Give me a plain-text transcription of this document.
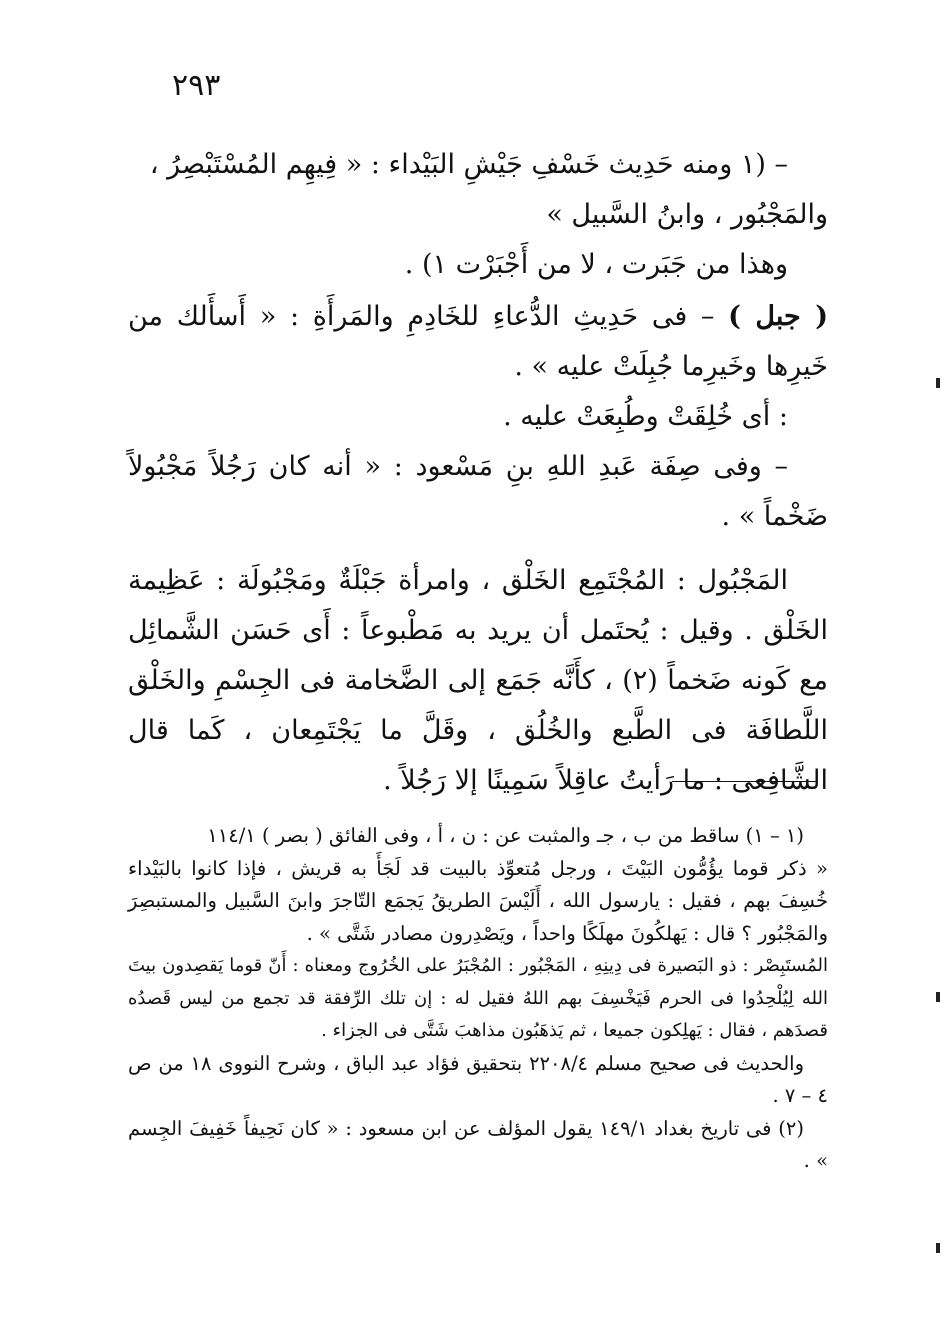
٢٩٣

– (١ ومنه حَدِيث خَسْفِ جَيْشِ البَيْداء : « فِيهِم المُسْتَبْصِرُ ،

والمَجْبُور ، وابنُ السَّبيل »

وهذا من جَبَرت ، لا من أَجْبَرْت ١) .

( جبل ) – فى حَدِيثِ الدُّعاءِ للخَادِمِ والمَرأَةِ : « أَسأَلك من خَيرِها وخَيرِما جُبِلَتْ عليه » .

: أى خُلِقَتْ وطُبِعَتْ عليه .

– وفى صِفَة عَبدِ اللهِ بنِ مَسْعود : « أنه كان رَجُلاً مَجْبُولاً ضَخْماً » .

المَجْبُول : المُجْتَمِع الخَلْق ، وامرأة جَبْلَةٌ ومَجْبُولَة : عَظِيمة الخَلْق . وقيل : يُحتَمل أن يريد به مَطْبوعاً : أَى حَسَن الشَّمائِل مع كَونه ضَخماً (٢) ، كأَنَّه جَمَع إلى الضَّخامة فى الجِسْمِ والخَلْق اللَّطافَة فى الطَّبع والخُلُق ، وقَلَّ ما يَجْتَمِعان ، كَما قال الشَّافِعى : ما رَأيتُ عاقِلاً سَمِينًا إلا رَجُلاً .

(١ – ١) ساقط من ب ، جـ والمثبت عن : ن ، أ ، وفى الفائق ( بصر ) ١١٤/١

« ذكر قوما يؤُمُّون البَيْتَ ، ورجل مُتعوِّذ بالبيت قد لَجَأَ به قريش ، فإذا كانوا بالبَيْداء خُسِفَ بهم ، فقيل : يارسول الله ، أَلَيْسَ الطريقُ يَجمَع التّاجرَ وابنَ السَّبيل والمستبصِرَ والمَجْبُور ؟ قال : يَهلكُونَ مهلَكًا واحداً ، ويَصْدِرون مصادر شَتَّى » .

المُستَبِصْر : ذو البَصيرة فى دِينِهِ ، المَجْبُور : المُجْبَرُ على الخُرُوج ومعناه : أَنّ قوما يَقصِدون بيتَ الله لِيُلْحِدُوا فى الحرم فَيَخْسِفَ بهم اللهُ فقيل له : إن تلك الرِّفقة قد تجمع من ليس قَصدُه قصدَهم ، فقال : يَهلِكون جميعا ، ثم يَذهَبُون مذاهبَ شَتَّى فى الجزاء .

والحديث فى صحيح مسلم ٢٢٠٨/٤ بتحقيق فؤاد عبد الباق ، وشرح النووى ١٨ من ص ٤ – ٧ .

(٢) فى تاريخ بغداد ١٤٩/١ يقول المؤلف عن ابن مسعود : « كان نَحِيفاً خَفِيفَ الجِسم » .
